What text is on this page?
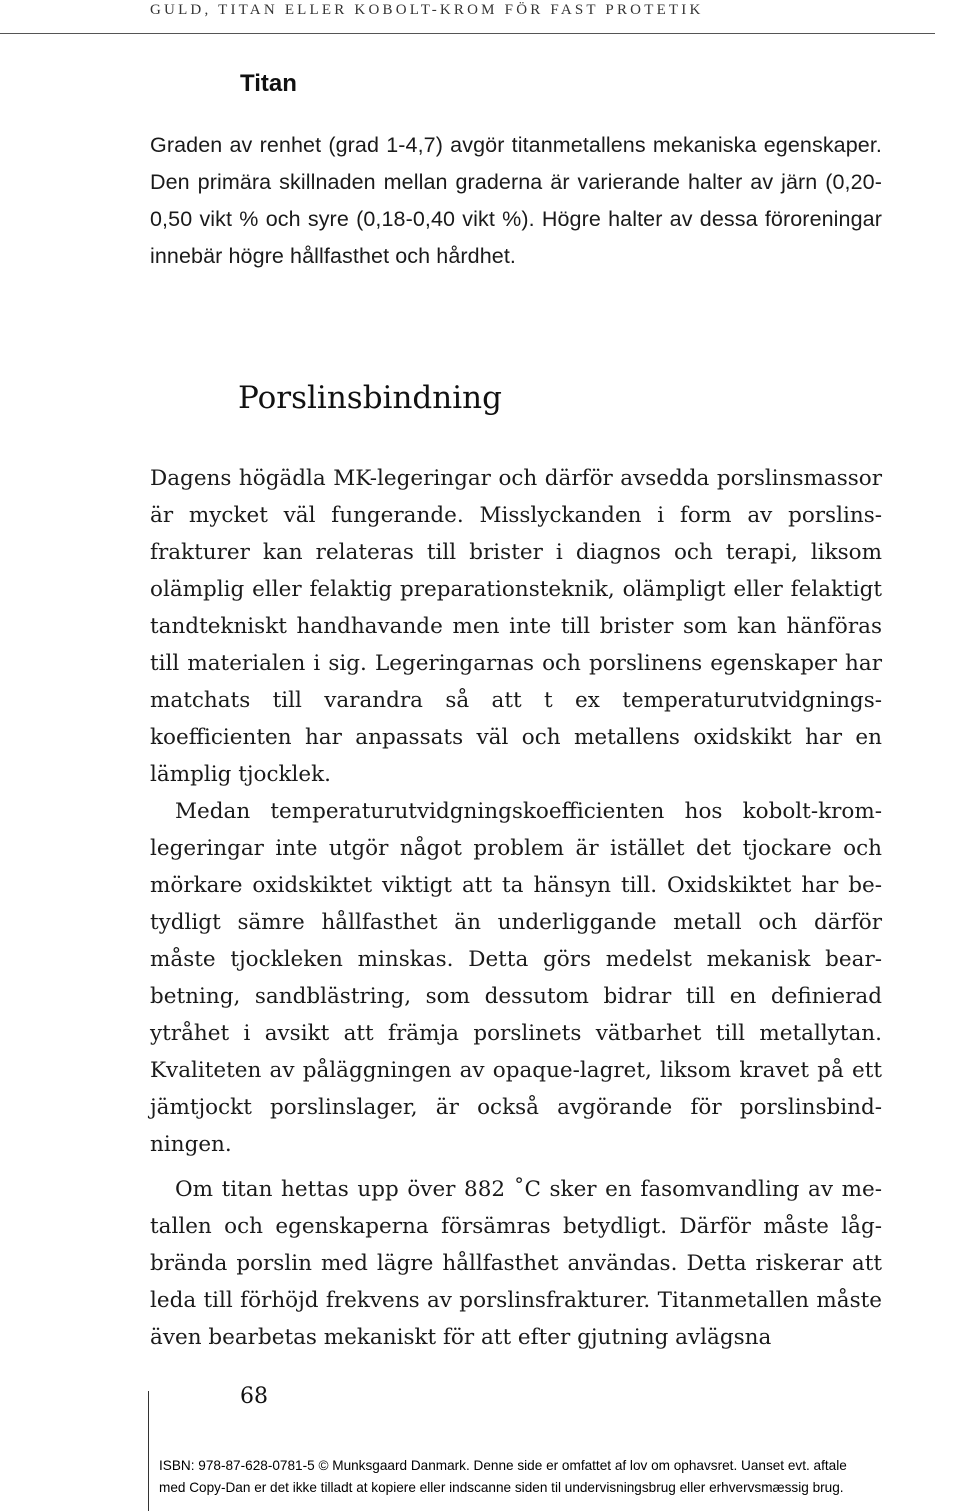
GULD, TITAN ELLER KOBOLT-KROM FÖR FAST PROTETIK
Titan

Graden av renhet (grad 1-4,7) avgör titanmetallens mekaniska egenskaper. Den primära skillnaden mellan graderna är varierande halter av järn (0,20-0,50 vikt % och syre (0,18-0,40 vikt %). Högre halter av dessa föroreningar innebär högre hållfasthet och hårdhet.

Porslinsbindning

Dagens högädla MK-legeringar och därför avsedda porslinsmassor är mycket väl fungerande. Misslyckanden i form av porslinsfrakturer kan relateras till brister i diagnos och terapi, liksom olämplig eller felaktig preparationsteknik, olämpligt eller felaktigt tandtekniskt handhavande men inte till brister som kan hänföras till materialen i sig. Legeringarnas och porslinens egenskaper har matchats till varandra så att t ex temperaturutvidgningskoefficienten har anpassats väl och metallens oxidskikt har en lämplig tjocklek.

Medan temperaturutvidgningskoefficienten hos kobolt-kromlegeringar inte utgör något problem är istället det tjockare och mörkare oxidskiktet viktigt att ta hänsyn till. Oxidskiktet har betydligt sämre hållfasthet än underliggande metall och därför måste tjockleken minskas. Detta görs medelst mekanisk bearbetning, sandblästring, som dessutom bidrar till en definierad ytråhet i avsikt att främja porslinets vätbarhet till metallytan. Kvaliteten av påläggningen av opaque-lagret, liksom kravet på ett jämtjockt porslinslager, är också avgörande för porslinsbindningen.

Om titan hettas upp över 882 ˚C sker en fasomvandling av metallen och egenskaperna försämras betydligt. Därför måste lågbrända porslin med lägre hållfasthet användas. Detta riskerar att leda till förhöjd frekvens av porslinsfrakturer. Titanmetallen måste även bearbetas mekaniskt för att efter gjutning avlägsna

68
ISBN: 978-87-628-0781-5 © Munksgaard Danmark. Denne side er omfattet af lov om ophavsret. Uanset evt. aftale
med Copy-Dan er det ikke tilladt at kopiere eller indscanne siden til undervisningsbrug eller erhvervsmæssig brug.
